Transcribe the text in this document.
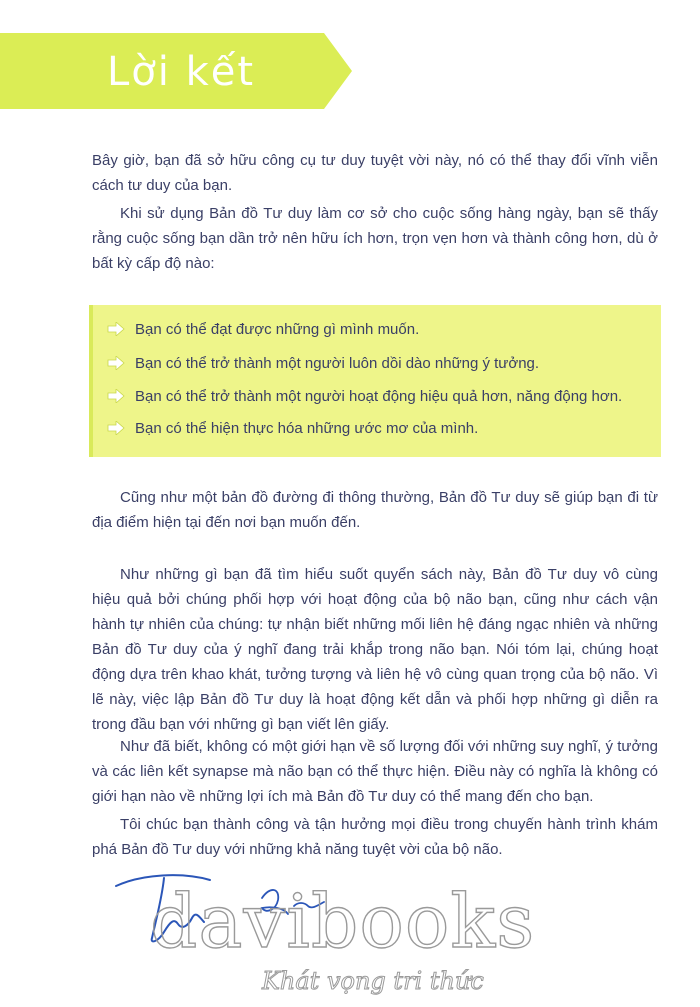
Lời kết

Bây giờ, bạn đã sở hữu công cụ tư duy tuyệt vời này, nó có thể thay đổi vĩnh viễn cách tư duy của bạn.

Khi sử dụng Bản đồ Tư duy làm cơ sở cho cuộc sống hàng ngày, bạn sẽ thấy rằng cuộc sống bạn dần trở nên hữu ích hơn, trọn vẹn hơn và thành công hơn, dù ở bất kỳ cấp độ nào:

Bạn có thể đạt được những gì mình muốn.
Bạn có thể trở thành một người luôn dồi dào những ý tưởng.
Bạn có thể trở thành một người hoạt động hiệu quả hơn, năng động hơn.
Bạn có thể hiện thực hóa những ước mơ của mình.

Cũng như một bản đồ đường đi thông thường, Bản đồ Tư duy sẽ giúp bạn đi từ địa điểm hiện tại đến nơi bạn muốn đến.

Như những gì bạn đã tìm hiểu suốt quyển sách này, Bản đồ Tư duy vô cùng hiệu quả bởi chúng phối hợp với hoạt động của bộ não bạn, cũng như cách vận hành tự nhiên của chúng: tự nhận biết những mối liên hệ đáng ngạc nhiên và những Bản đồ Tư duy của ý nghĩ đang trải khắp trong não bạn. Nói tóm lại, chúng hoạt động dựa trên khao khát, tưởng tượng và liên hệ vô cùng quan trọng của bộ não. Vì lẽ này, việc lập Bản đồ Tư duy là hoạt động kết dẫn và phối hợp những gì diễn ra trong đầu bạn với những gì bạn viết lên giấy.

Như đã biết, không có một giới hạn về số lượng đối với những suy nghĩ, ý tưởng và các liên kết synapse mà não bạn có thể thực hiện. Điều này có nghĩa là không có giới hạn nào về những lợi ích mà Bản đồ Tư duy có thể mang đến cho bạn.

Tôi chúc bạn thành công và tận hưởng mọi điều trong chuyến hành trình khám phá Bản đồ Tư duy với những khả năng tuyệt vời của bộ não.

davibooks
Khát vọng tri thức
